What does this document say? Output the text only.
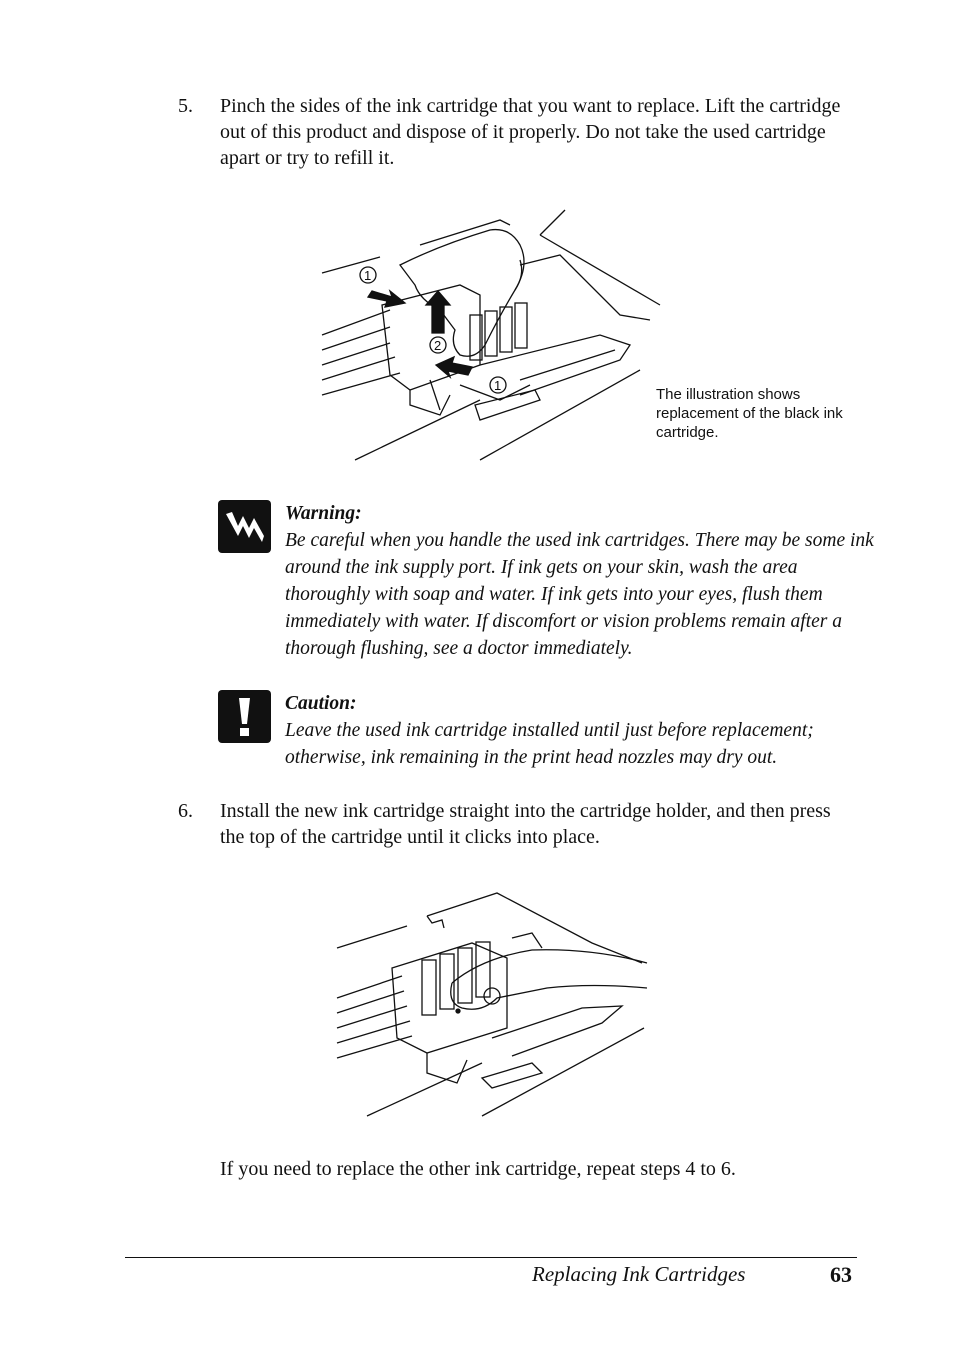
5. Pinch the sides of the ink cartridge that you want to replace. Lift the cartridge out of this product and dispose of it properly. Do not take the used cartridge apart or try to refill it.
1
2
1
The illustration shows replacement of the black ink cartridge.
Warning:
Be careful when you handle the used ink cartridges. There may be some ink around the ink supply port. If ink gets on your skin, wash the area thoroughly with soap and water. If ink gets into your eyes, flush them immediately with water. If discomfort or vision problems remain after a thorough flushing, see a doctor immediately.
Caution:
Leave the used ink cartridge installed until just before replacement; otherwise, ink remaining in the print head nozzles may dry out.
6. Install the new ink cartridge straight into the cartridge holder, and then press the top of the cartridge until it clicks into place.
If you need to replace the other ink cartridge, repeat steps 4 to 6.
Replacing Ink Cartridges	63
